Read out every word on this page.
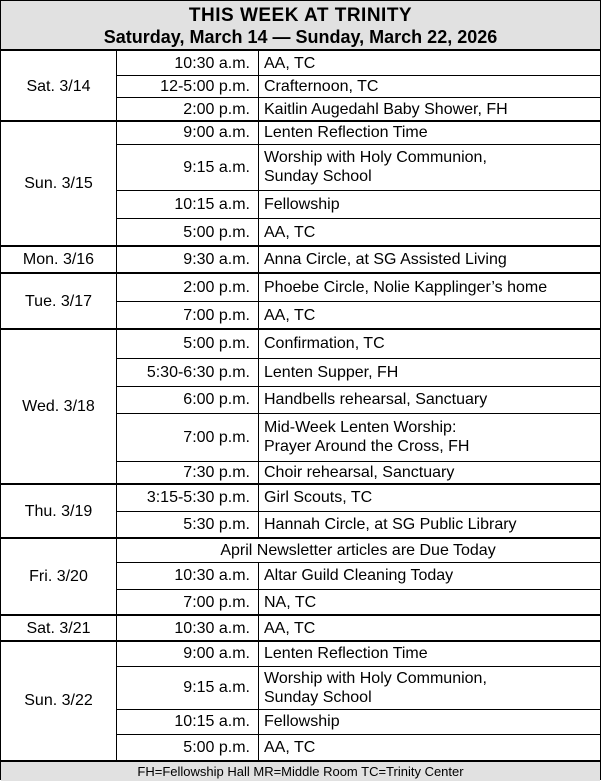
THIS WEEK AT TRINITY
Saturday, March 14 — Sunday, March 22, 2026
Sat. 3/14
10:30 a.m. AA, TC
12-5:00 p.m. Crafternoon, TC
2:00 p.m. Kaitlin Augedahl Baby Shower, FH
Sun. 3/15
9:00 a.m. Lenten Reflection Time
9:15 a.m.
Worship with Holy Communion,
Sunday School
10:15 a.m. Fellowship
5:00 p.m. AA, TC
Mon. 3/16	9:30 a.m. Anna Circle, at SG Assisted Living
Tue. 3/17
2:00 p.m. Phoebe Circle, Nolie Kapplinger’s home
7:00 p.m. AA, TC
Wed. 3/18
5:00 p.m. Confirmation, TC
5:30-6:30 p.m. Lenten Supper, FH
6:00 p.m. Handbells rehearsal, Sanctuary
7:00 p.m.
Mid-Week Lenten Worship:
Prayer Around the Cross, FH
7:30 p.m. Choir rehearsal, Sanctuary
Thu. 3/19
3:15-5:30 p.m. Girl Scouts, TC
5:30 p.m. Hannah Circle, at SG Public Library
Fri. 3/20
April Newsletter articles are Due Today
10:30 a.m. Altar Guild Cleaning Today
7:00 p.m. NA, TC
Sat. 3/21	10:30 a.m. AA, TC
Sun. 3/22
9:00 a.m. Lenten Reflection Time
9:15 a.m.
Worship with Holy Communion,
Sunday School
10:15 a.m. Fellowship
5:00 p.m. AA, TC
FH=Fellowship Hall MR=Middle Room TC=Trinity Center
